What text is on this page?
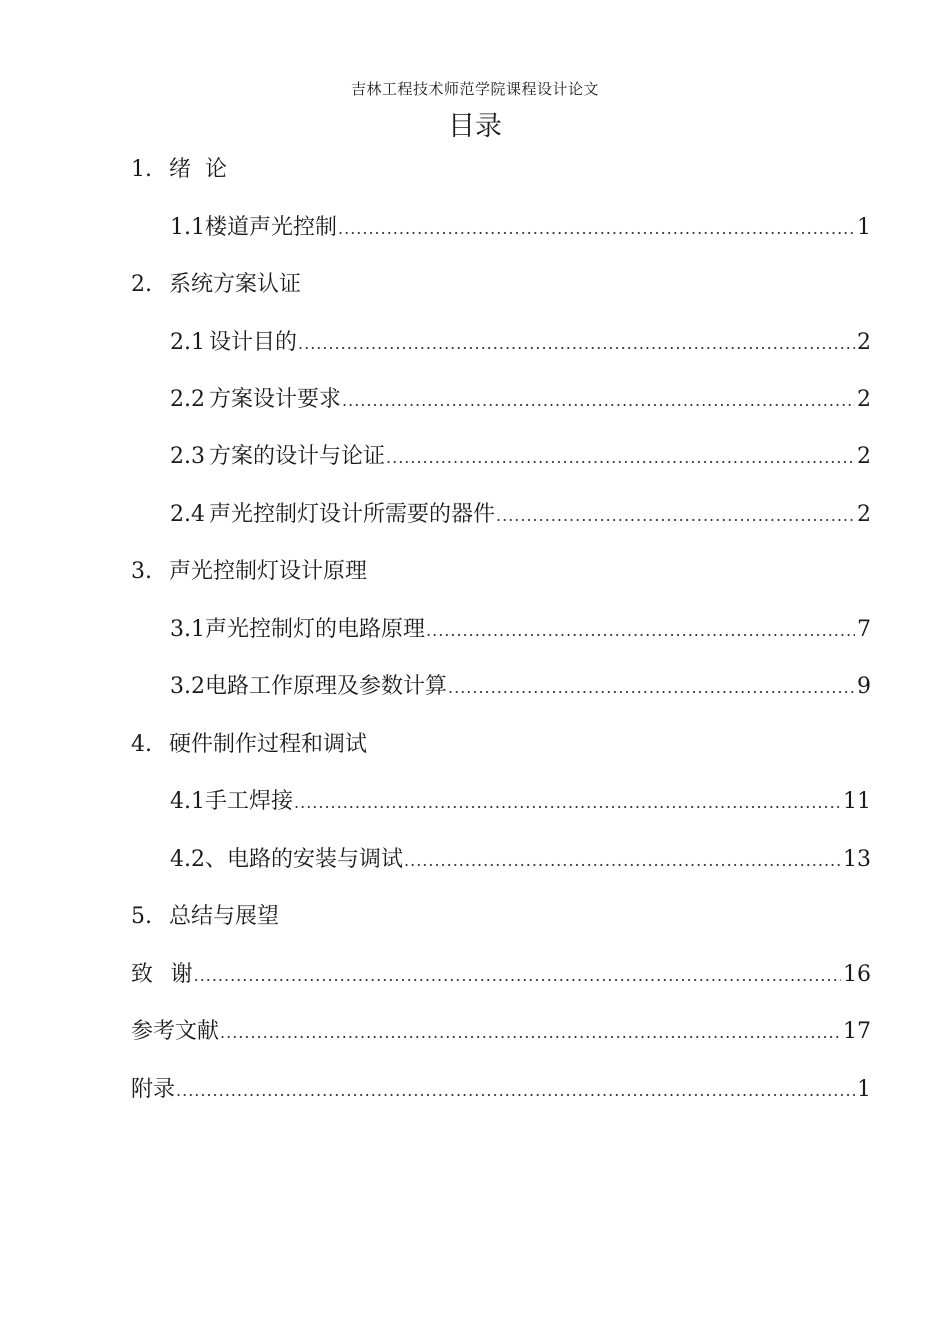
吉林工程技术师范学院课程设计论文
目录
1. 绪  论
1.1 楼道声光控制 .....	1
2. 系统方案认证
2.1 设计目的 .....	2
2.2 方案设计要求 .....	2
2.3 方案的设计与论证 .....	2
2.4 声光控制灯设计所需要的器件 .....	2
3. 声光控制灯设计原理
3.1 声光控制灯的电路原理 .....	7
3.2 电路工作原理及参数计算 .....	9
4. 硬件制作过程和调试
4.1 手工焊接 .....	11
4.2、 电路的安装与调试 .....	13
5. 总结与展望
致 谢 .....	16
参考文献 .....	17
附录 .....	1
